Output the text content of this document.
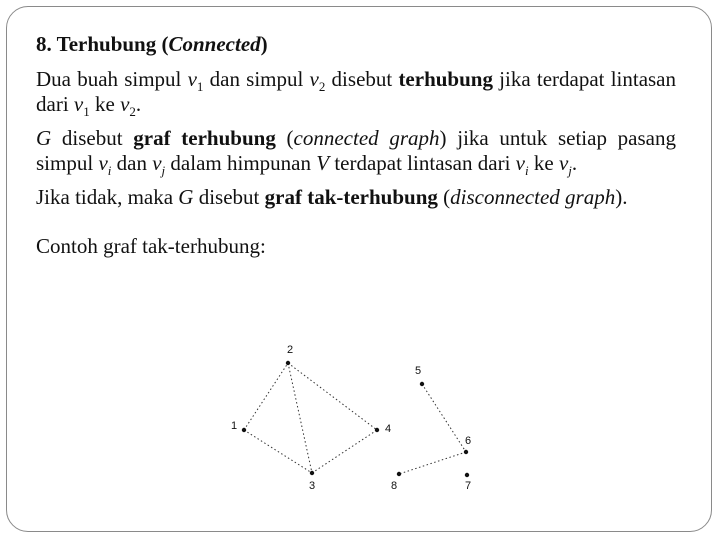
8. Terhubung (Connected)
Dua buah simpul $v_1$ dan simpul $v_2$ disebut terhubung jika terdapat lintasan dari $v_1$ ke $v_2$.
G disebut graf terhubung (connected graph) jika untuk setiap pasang simpul $v_i$ dan $v_j$ dalam himpunan V terdapat lintasan dari $v_i$ ke $v_j$.
Jika tidak, maka G disebut graf tak-terhubung (disconnected graph).
Contoh graf tak-terhubung:
1
2
3
4
5
6
7
8
